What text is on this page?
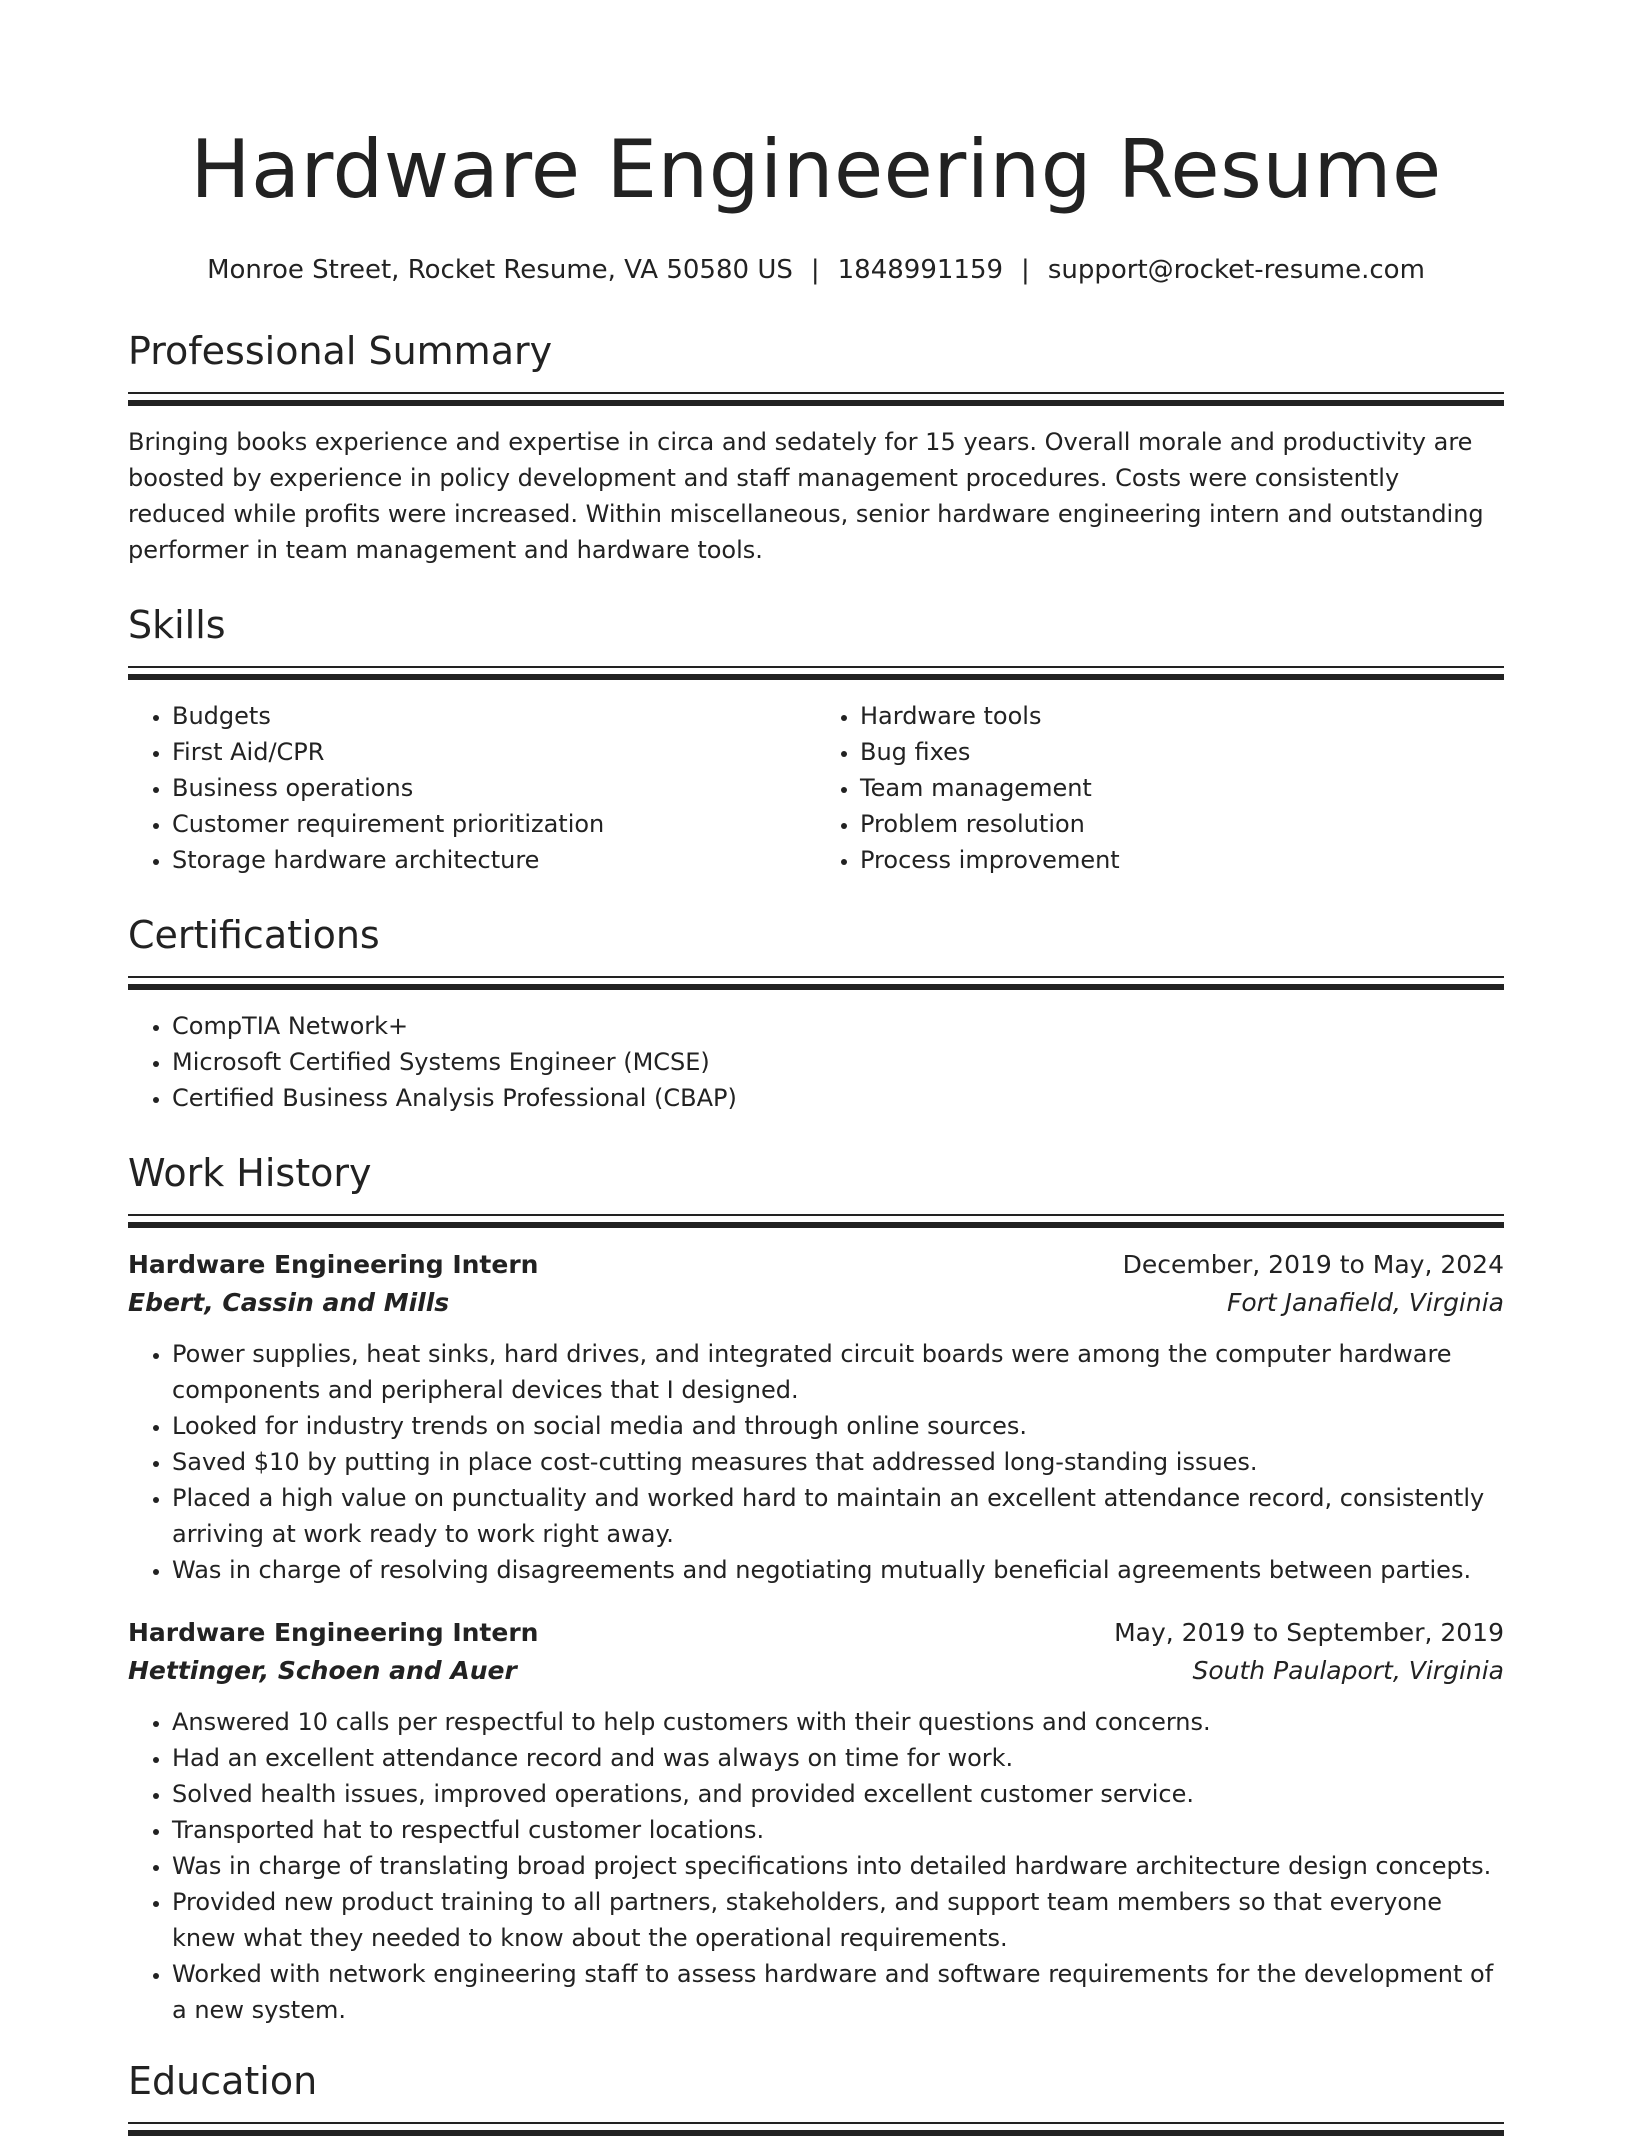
Hardware Engineering Resume
Monroe Street, Rocket Resume, VA 50580 US | 1848991159 | support@rocket-resume.com
Professional Summary
Bringing books experience and expertise in circa and sedately for 15 years. Overall morale and productivity are boosted by experience in policy development and staff management procedures. Costs were consistently reduced while profits were increased. Within miscellaneous, senior hardware engineering intern and outstanding performer in team management and hardware tools.
Skills
• Budgets
• First Aid/CPR
• Business operations
• Customer requirement prioritization
• Storage hardware architecture
• Hardware tools
• Bug fixes
• Team management
• Problem resolution
• Process improvement
Certifications
• CompTIA Network+
• Microsoft Certified Systems Engineer (MCSE)
• Certified Business Analysis Professional (CBAP)
Work History
Hardware Engineering Intern	December, 2019 to May, 2024
Ebert, Cassin and Mills	Fort Janafield, Virginia
• Power supplies, heat sinks, hard drives, and integrated circuit boards were among the computer hardware components and peripheral devices that I designed.
• Looked for industry trends on social media and through online sources.
• Saved $10 by putting in place cost-cutting measures that addressed long-standing issues.
• Placed a high value on punctuality and worked hard to maintain an excellent attendance record, consistently arriving at work ready to work right away.
• Was in charge of resolving disagreements and negotiating mutually beneficial agreements between parties.
Hardware Engineering Intern	May, 2019 to September, 2019
Hettinger, Schoen and Auer	South Paulaport, Virginia
• Answered 10 calls per respectful to help customers with their questions and concerns.
• Had an excellent attendance record and was always on time for work.
• Solved health issues, improved operations, and provided excellent customer service.
• Transported hat to respectful customer locations.
• Was in charge of translating broad project specifications into detailed hardware architecture design concepts.
• Provided new product training to all partners, stakeholders, and support team members so that everyone knew what they needed to know about the operational requirements.
• Worked with network engineering staff to assess hardware and software requirements for the development of a new system.
Education
